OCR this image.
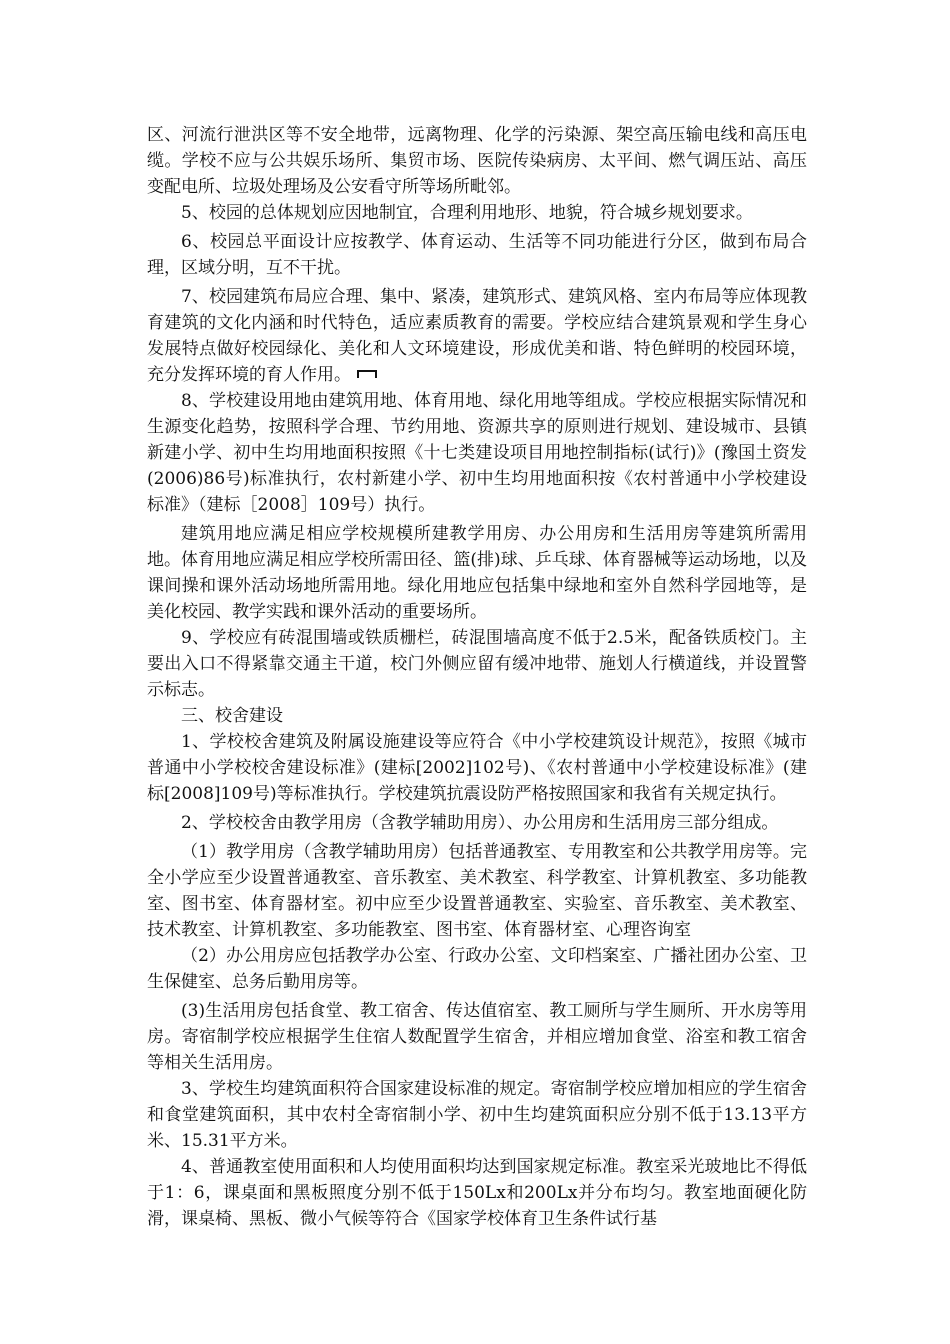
区、河流行泄洪区等不安全地带，远离物理、化学的污染源、架空高压输电线和高压电缆。学校不应与公共娱乐场所、集贸市场、医院传染病房、太平间、燃气调压站、高压变配电所、垃圾处理场及公安看守所等场所毗邻。

5、校园的总体规划应因地制宜，合理利用地形、地貌，符合城乡规划要求。

6、校园总平面设计应按教学、体育运动、生活等不同功能进行分区，做到布局合理，区域分明，互不干扰。

7、校园建筑布局应合理、集中、紧凑，建筑形式、建筑风格、室内布局等应体现教育建筑的文化内涵和时代特色，适应素质教育的需要。学校应结合建筑景观和学生身心发展特点做好校园绿化、美化和人文环境建设，形成优美和谐、特色鲜明的校园环境，充分发挥环境的育人作用。

8、学校建设用地由建筑用地、体育用地、绿化用地等组成。学校应根据实际情况和生源变化趋势，按照科学合理、节约用地、资源共享的原则进行规划、建设城市、县镇新建小学、初中生均用地面积按照《十七类建设项目用地控制指标(试行)》(豫国土资发(2006)86号)标准执行，农村新建小学、初中生均用地面积按《农村普通中小学校建设标准》（建标［2008］109号）执行。

建筑用地应满足相应学校规模所建教学用房、办公用房和生活用房等建筑所需用地。体育用地应满足相应学校所需田径、篮(排)球、乒乓球、体育器械等运动场地，以及课间操和课外活动场地所需用地。绿化用地应包括集中绿地和室外自然科学园地等，是美化校园、教学实践和课外活动的重要场所。

9、学校应有砖混围墙或铁质栅栏，砖混围墙高度不低于2.5米，配备铁质校门。主要出入口不得紧靠交通主干道，校门外侧应留有缓冲地带、施划人行横道线，并设置警示标志。

三、校舍建设

1、学校校舍建筑及附属设施建设等应符合《中小学校建筑设计规范》，按照《城市普通中小学校校舍建设标准》(建标[2002]102号)、《农村普通中小学校建设标准》(建标[2008]109号)等标准执行。学校建筑抗震设防严格按照国家和我省有关规定执行。

2、学校校舍由教学用房（含教学辅助用房）、办公用房和生活用房三部分组成。

（1）教学用房（含教学辅助用房）包括普通教室、专用教室和公共教学用房等。完全小学应至少设置普通教室、音乐教室、美术教室、科学教室、计算机教室、多功能教室、图书室、体育器材室。初中应至少设置普通教室、实验室、音乐教室、美术教室、技术教室、计算机教室、多功能教室、图书室、体育器材室、心理咨询室

（2）办公用房应包括教学办公室、行政办公室、文印档案室、广播社团办公室、卫生保健室、总务后勤用房等。

(3)生活用房包括食堂、教工宿舍、传达值宿室、教工厕所与学生厕所、开水房等用房。寄宿制学校应根据学生住宿人数配置学生宿舍，并相应增加食堂、浴室和教工宿舍等相关生活用房。

3、学校生均建筑面积符合国家建设标准的规定。寄宿制学校应增加相应的学生宿舍和食堂建筑面积，其中农村全寄宿制小学、初中生均建筑面积应分别不低于13.13平方米、15.31平方米。

4、普通教室使用面积和人均使用面积均达到国家规定标准。教室采光玻地比不得低于1：6，课桌面和黑板照度分别不低于150Lx和200Lx并分布均匀。教室地面硬化防滑，课桌椅、黑板、微小气候等符合《国家学校体育卫生条件试行基
